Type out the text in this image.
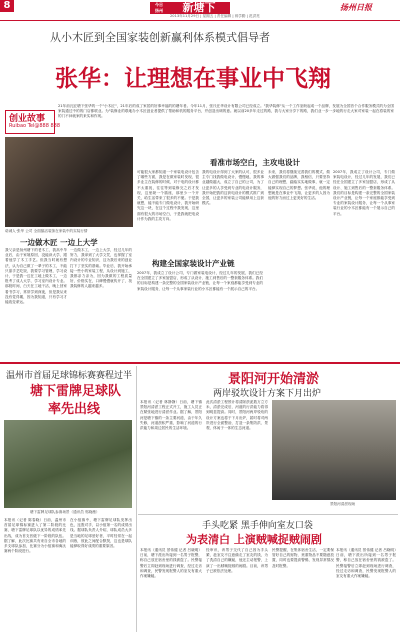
8	今日
扬州	新塘下
2013年11月29日 | 星期五 | 责任编辑 | 蒋学勤 | 范洪亮
扬州日报
从小木匠到全国家装创新赢利体系模式倡导者
张华：让理想在事业中飞翔
创业故事
Ruibao Tel@888 888
21年前瓦匠塘下张华的一个"小木匠"，21年后的成了家居的好事幸福的的塘年者。今年11月，张氏在华设计有限公司已经成立。"我华装修"从一个工作室般起成一个品牌，发展为全国首个合作服务模式的为全国家装通过中的的门店都联业。为"装修业的联地办小木匠创业者提供了帮助和机的服务平台，并创造出调的意。就以前20多年走过的路，我与大家分享下的路，我们业一步一步地的行走大家对家装一起在将装的家的门不问就家的来实和作现。
诺诚人·张华 公司 全面搞活装饰在家装中的实装行情
一边做木匠 一边上大学
我父亲是扬州塘下的老木工，我高中毕业后，由于家境原因，没能读大学，跟着他学了木工手艺。但我当时就有想法，认为自己做了一辈子的木工，不能只靠手艺吃饭，我要学习管理，学习设计，于是我一边在工地上做木工，一边报考了成人大学，学习室内设计专业。那段时间，白天在工地干活，晚上回家看书学习，常常学到深夜，但是我从来没有觉得累，因为我知道，只有学习才能改变命运。
一边做木工，一边上大学，经过几年的努力，我拿到了大学文凭，也掌握了室内设计的专业知识，这为我后来的创业打下了坚实的基础。毕业后，我开始承接一些小的家装工程，从设计到施工，我都亲力亲为，因为我做的工程质量好，价格实在，口碑慢慢就传开了，找我装修的人越来越多。
看准市场空白，主攻电设计
可能很大家都知道一个家装电设计包含了哪些方面，我是在做家装时发现，很多业主在装修的时候，对于电的设计都不太重视，往往等到装修完之后才发现，这里缺一个插座，那里少一个开关，给生活带来了很多的不便。于是我就想，能不能专门做电设计，我开始研究这一块，在这个过程中我发现，这里面有很大的市场空白，于是我就把电设计作为我的主攻方向。
我的电设计得到了大家的认可，很多业主专门找我做电设计，慢慢地，我的事业越做越大，成立了自己的公司，为了让更多的人享受到专业的电设计服务，我开始把我的这套电设计的模式推广到全国，让更多的家装公司能够用上这套模式。
构建全国家装设计产业链
2007年，我成立了设计公司，专门做家装电设计，经过几年的发展，我们已经在全国建立了多家加盟店，形成了从设计、施工到售后的一整套服务体系。我们的目标是构建一条完整的全国家装设计产业链，让每一个家庭都能享受到专业的家装设计服务，让每一个从事家装行业的小木匠都能有一个展示自己的平台。
未来，我们将继续完善我们的模式，做大做强我们的品牌，我相信，只要坚持自己的理想，踏踏实实地做事，就一定能够实现自己的梦想。张华说，他的理想就是在事业中飞翔，让更多的人因为他的努力而过上更美好的生活。
2007年，我成立了设计公司，专门做家装电设计，经过几年的发展，我们已经在全国建立了多家加盟店，形成了从设计、施工到售后的一整套服务体系。我们的目标是构建一条完整的全国家装设计产业链，让每一个家庭都能享受到专业的家装设计服务，让每一个从事家装行业的小木匠都能有一个展示自己的平台。
温州市首届足球锦标赛赛程过半
塘下雷牌足球队
率先出线
塘下雷牌足球队参赛场景（通讯员 郭晓薇）
本报讯（记者 陈春晓）日前，温州市首届足球锦标赛进入了第二阶段的比赛，塘下雷牌足球队以优异的成绩率先出线，成为首支晋级下一阶段的队伍。据了解，此次比赛共有来自全市各地的多支球队参加，比赛分为小组赛和淘汰赛两个阶段进行。
在小组赛中，塘下雷牌足球队发挥出色，连胜对手，以小组第一名的成绩出线。据球队负责人介绍，球队成员大多是当地的足球爱好者，平时经常在一起训练，彼此之间配合默契，这也是球队能够取得好成绩的重要原因。
景阳河开始清淤
两岸驳坎设计方案下月出炉
本报讯（记者 林静静）日前，塘下镇景阳河清淤工程正式开工，施工人员正在紧张地进行清淤作业。据了解，景阳河是塘下镇的一条主要河道，由于年久失修，河道淤积严重，影响了河道的行洪能力和周边居民的生活环境。
此次清淤工程预计将清除淤泥数万立方米，清淤完成后，河道的行洪能力将得到明显提高。同时，景阳河两岸驳坎的设计方案也将于下月出炉，届时将对两岸进行全面整治，打造一条集防洪、景观、休闲于一体的生态河道。
景阳河清淤现场
手头吃紧 黑手伸向室友口袋
为表清白 上演贼喊捉贼闹剧
本报讯（通讯员 蔡伟健 记者 吕晓明）日前，塘下派出所接到一名男子报警，称自己放在宿舍里的钱被盗了。民警接警后立即赶到现场进行调查，经过走访和调查，民警发现报警人的室友有重大作案嫌疑。
经审讯，该男子交代了自己因为手头紧，趁室友不注意偷走了室友的钱，为了洗清自己的嫌疑，他还主动报警，上演了一出贼喊捉贼的闹剧。目前，该男子已被依法处理。
民警提醒，在集体宿舍生活，一定要保管好自己的财物，贵重物品不要随意放置，同时也要提高警惕，发现异常情况及时报警。
本报讯（通讯员 蔡伟健 记者 吕晓明）日前，塘下派出所接到一名男子报警，称自己放在宿舍里的钱被盗了。民警接警后立即赶到现场进行调查，经过走访和调查，民警发现报警人的室友有重大作案嫌疑。
